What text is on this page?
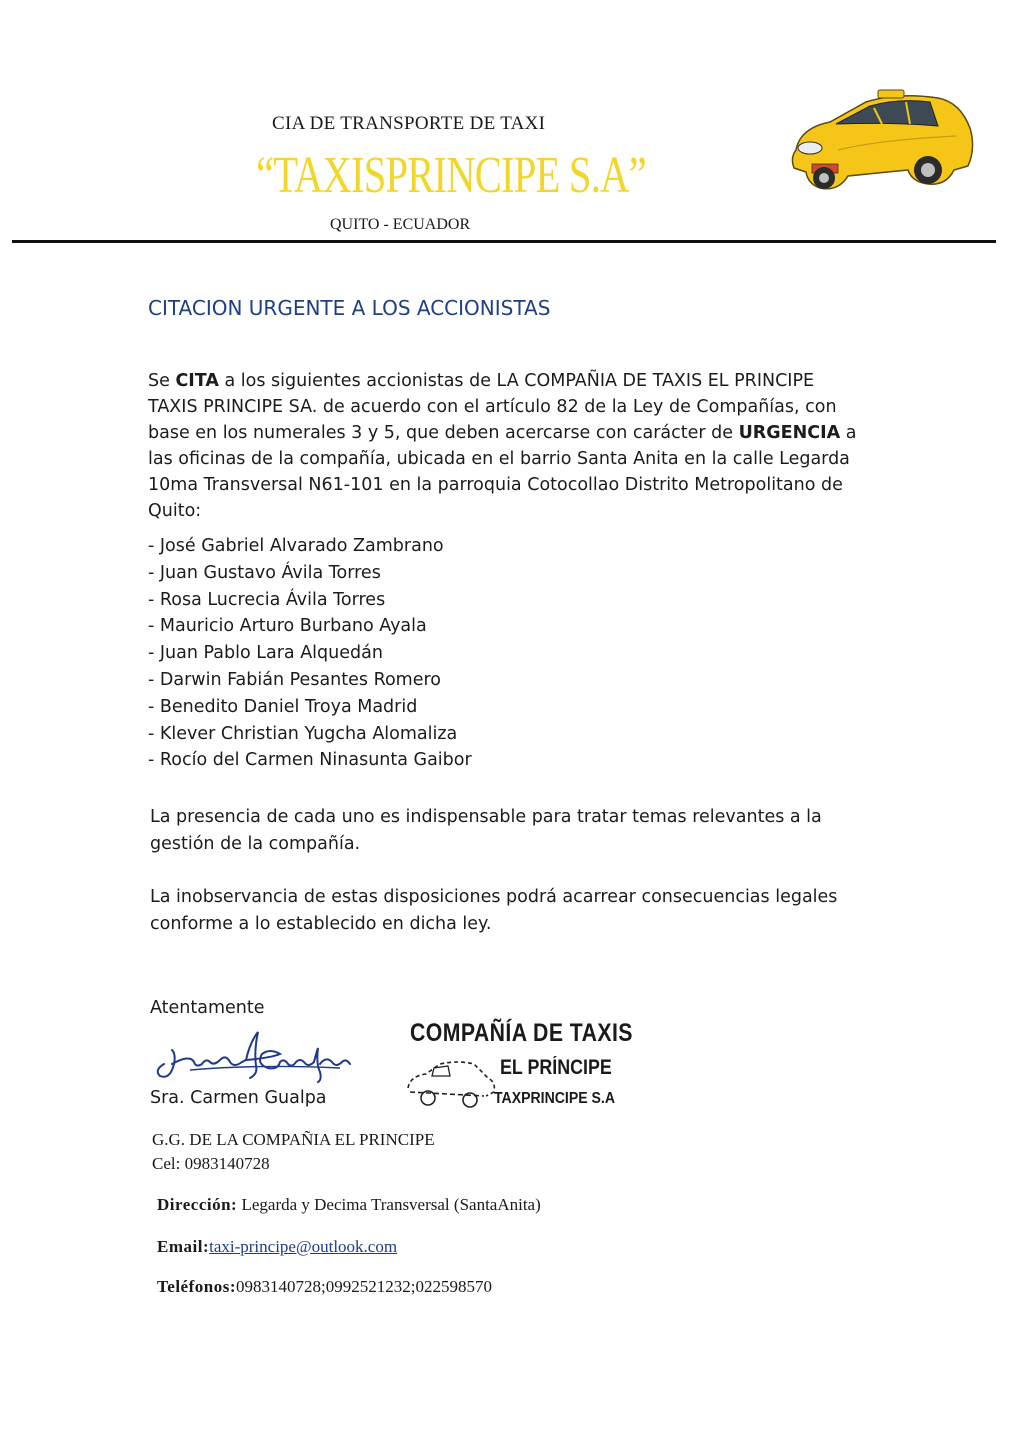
CIA DE TRANSPORTE DE TAXI
“TAXISPRINCIPE S.A”
QUITO - ECUADOR
CITACION URGENTE A LOS ACCIONISTAS
Se CITA a los siguientes accionistas de LA COMPAÑIA DE TAXIS EL PRINCIPE TAXIS PRINCIPE SA. de acuerdo con el artículo 82 de la Ley de Compañías, con base en los numerales 3 y 5, que deben acercarse con carácter de URGENCIA a las oficinas de la compañía, ubicada en el barrio Santa Anita en la calle Legarda 10ma Transversal N61-101 en la parroquia Cotocollao Distrito Metropolitano de Quito:
- José Gabriel Alvarado Zambrano
- Juan Gustavo Ávila Torres
- Rosa Lucrecia Ávila Torres
- Mauricio Arturo Burbano Ayala
- Juan Pablo Lara Alquedán
- Darwin Fabián Pesantes Romero
- Benedito Daniel Troya Madrid
- Klever Christian Yugcha Alomaliza
- Rocío del Carmen Ninasunta Gaibor
La presencia de cada uno es indispensable para tratar temas relevantes a la gestión de la compañía.
La inobservancia de estas disposiciones podrá acarrear consecuencias legales conforme a lo establecido en dicha ley.
Atentamente
Sra. Carmen Gualpa
COMPAÑÍA DE TAXIS
EL PRÍNCIPE
TAXPRINCIPE S.A
G.G. DE LA COMPAÑIA EL PRINCIPE
Cel: 0983140728
Dirección: Legarda y Decima Transversal (SantaAnita)
Email:taxi-principe@outlook.com
Teléfonos:0983140728;0992521232;022598570
